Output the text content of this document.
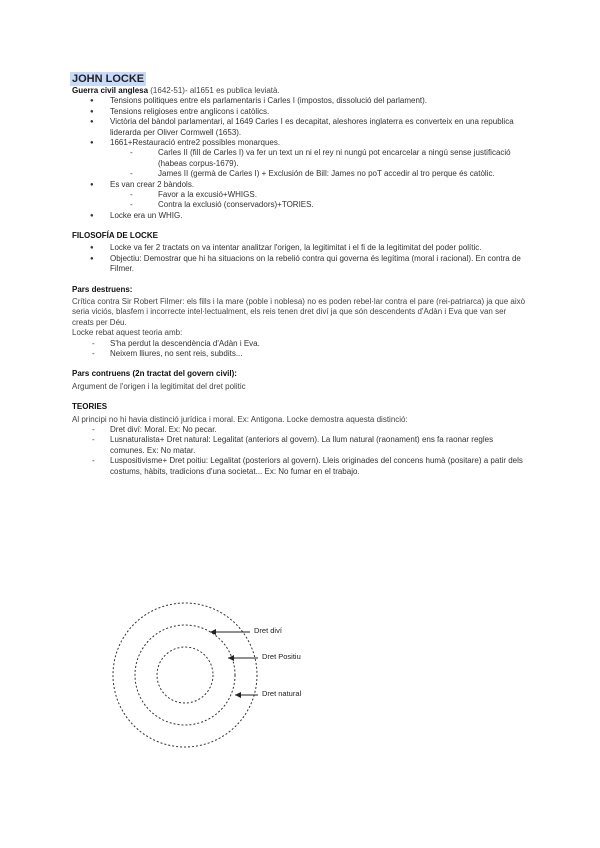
JOHN LOCKE
Guerra civil anglesa (1642-51)- al1651 es publica leviatà.
● Tensions politiques entre els parlamentaris i Carles I (impostos, dissolució del parlament).
● Tensions religioses entre anglicons i catòlics.
● Victòria del bàndol parlamentari, al 1649 Carles I es decapitat, aleshores inglaterra es converteix en una republica liderarda per Oliver Cormwell (1653).
● 1661+Restauració entre2 possibles monarques.
- Carles II (fill de Carles I) va fer un text un ni el rey ni nungú pot encarcelar a ningú sense justificació (habeas corpus-1679).
- James II (germà de Carles I) + Exclusión de Bill: James no poT accedir al tro perque és catòlic.
● Es van crear 2 bàndols.
- Favor a la excusió+WHIGS.
- Contra la exclusió (conservadors)+TORIES.
● Locke era un WHIG.
FILOSOFÍA DE LOCKE
● Locke va fer 2 tractats on va intentar analitzar l'origen, la legitimitat i el fi de la legitimitat del poder polític.
● Objectiu: Demostrar que hi ha situacions on la rebelió contra qui governa és legítima (moral i racional). En contra de Filmer.
Pars destruens:
Crítica contra Sir Robert Filmer: els fills i la mare (poble i noblesa) no es poden rebel·lar contra el pare (rei-patriarca) ja que això seria viciós, blasfem i incorrecte intel·lectualment, els reis tenen dret diví ja que són descendents d'Adàn i Eva que van ser creats per Déu.
Locke rebat aquest teoria amb:
- S'ha perdut la descendència d'Adàn i Eva.
- Neixem lliures, no sent reis, subdits...
Pars contruens (2n tractat del govern civil):
Argument de l'origen i la legitimitat del dret politic
TEORIES
Al principi no hi havia distinció jurídica i moral. Ex: Antigona. Locke demostra aquesta distinció:
- Dret diví: Moral. Ex: No pecar.
- Lusnaturalista+ Dret natural: Legalitat (anteriors al govern). La llum natural (raonament) ens fa raonar regles comunes. Ex: No matar.
- Luspositivisme+ Dret poitiu: Legalitat (posteriors al govern). Lleis originades del concens humà (positare) a patir dels costums, hàbits, tradicions d'una societat... Ex: No fumar en el trabajo.
Dret diví
Dret Positiu
Dret natural
